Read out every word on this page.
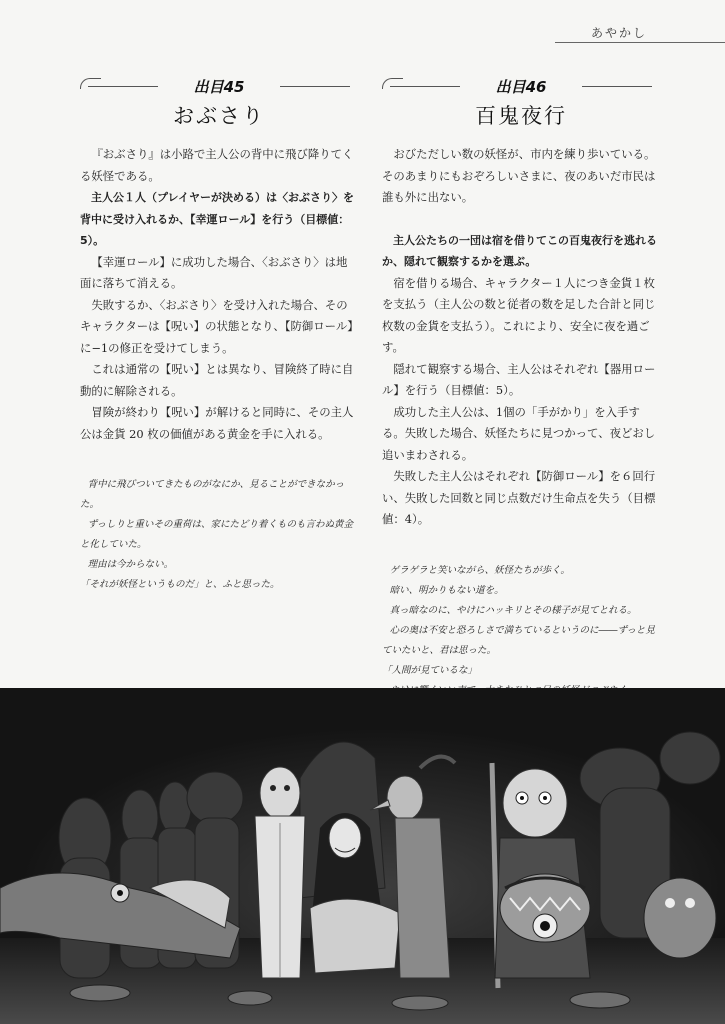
あやかし
出目45
おぶさり

『おぶさり』は小路で主人公の背中に飛び降りてくる妖怪である。

主人公１人（プレイヤーが決める）は〈おぶさり〉を背中に受け入れるか、【幸運ロール】を行う（目標値：5）。

【幸運ロール】に成功した場合、〈おぶさり〉は地面に落ちて消える。

失敗するか、〈おぶさり〉を受け入れた場合、そのキャラクターは【呪い】の状態となり、【防御ロール】に−1の修正を受けてしまう。

これは通常の【呪い】とは異なり、冒険終了時に自動的に解除される。

冒険が終わり【呪い】が解けると同時に、その主人公は金貨 20 枚の価値がある黄金を手に入れる。

背中に飛びついてきたものがなにか、見ることができなかった。

ずっしりと重いその重荷は、家にたどり着くものも言わぬ黄金と化していた。

理由は今からない。

「それが妖怪というものだ」と、ふと思った。

出目46
百鬼夜行

おびただしい数の妖怪が、市内を練り歩いている。そのあまりにもおぞろしいさまに、夜のあいだ市民は誰も外に出ない。

主人公たちの一団は宿を借りてこの百鬼夜行を逃れるか、隠れて観察するかを選ぶ。

宿を借りる場合、キャラクター１人につき金貨１枚を支払う（主人公の数と従者の数を足した合計と同じ枚数の金貨を支払う）。これにより、安全に夜を過ごす。

隠れて観察する場合、主人公はそれぞれ【器用ロール】を行う（目標値：5）。

成功した主人公は、1個の「手がかり」を入手する。失敗した場合、妖怪たちに見つかって、夜どおし追いまわされる。

失敗した主人公はそれぞれ【防御ロール】を６回行い、失敗した回数と同じ点数だけ生命点を失う（目標値：4）。

ゲラゲラと笑いながら、妖怪たちが歩く。

暗い、明かりもない道を。

真っ暗なのに、やけにハッキリとその様子が見てとれる。

心の奥は不安と恐ろしさで満ちているというのに――ずっと見ていたいと、君は思った。

「人間が見ているな」
